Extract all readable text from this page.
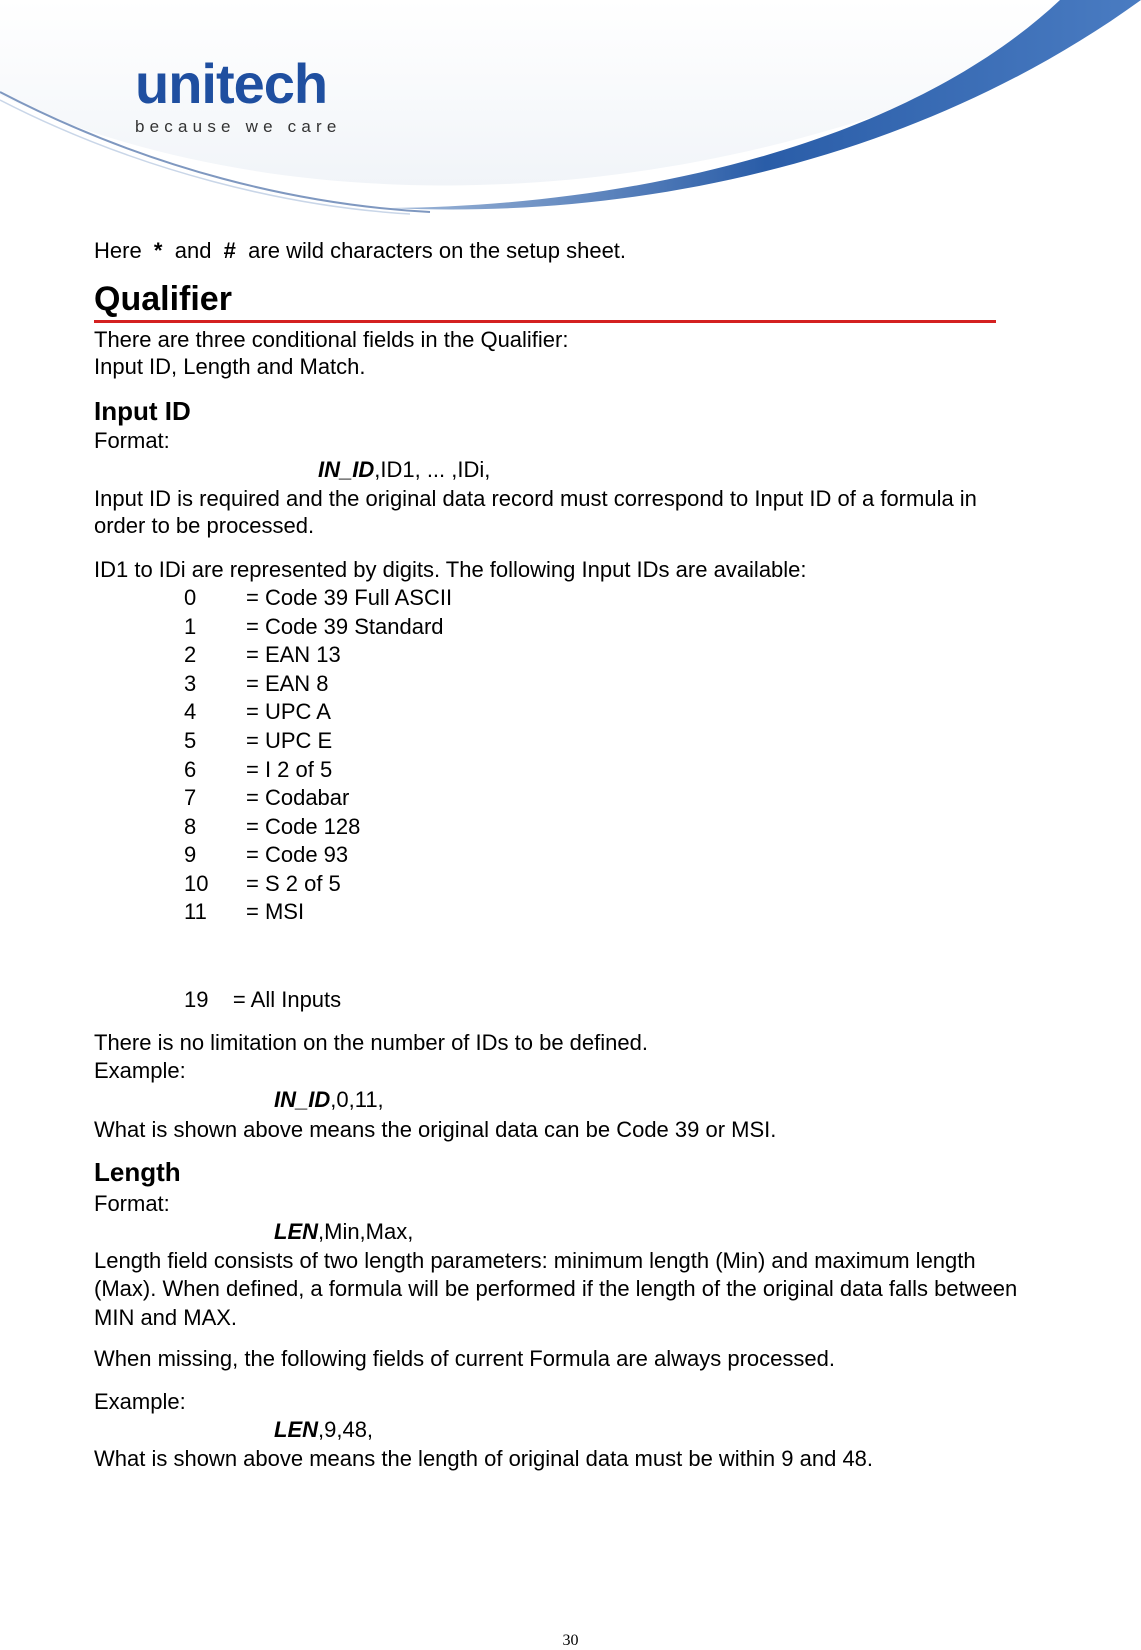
unitech
because we care
Here * and # are wild characters on the setup sheet.
Qualifier
There are three conditional fields in the Qualifier:
Input ID, Length and Match.
Input ID
Format:
IN_ID,ID1, ... ,IDi,
Input ID is required and the original data record must correspond to Input ID of a formula in
order to be processed.
ID1 to IDi are represented by digits. The following Input IDs are available:
0 = Code 39 Full ASCII
1 = Code 39 Standard
2 = EAN 13
3 = EAN 8
4 = UPC A
5 = UPC E
6 = I 2 of 5
7 = Codabar
8 = Code 128
9 = Code 93
10 = S 2 of 5
11 = MSI
19    = All Inputs
There is no limitation on the number of IDs to be defined.
Example:
IN_ID,0,11,
What is shown above means the original data can be Code 39 or MSI.
Length
Format:
LEN,Min,Max,
Length field consists of two length parameters: minimum length (Min) and maximum length
(Max). When defined, a formula will be performed if the length of the original data falls between
MIN and MAX.
When missing, the following fields of current Formula are always processed.
Example:
LEN,9,48,
What is shown above means the length of original data must be within 9 and 48.
30
